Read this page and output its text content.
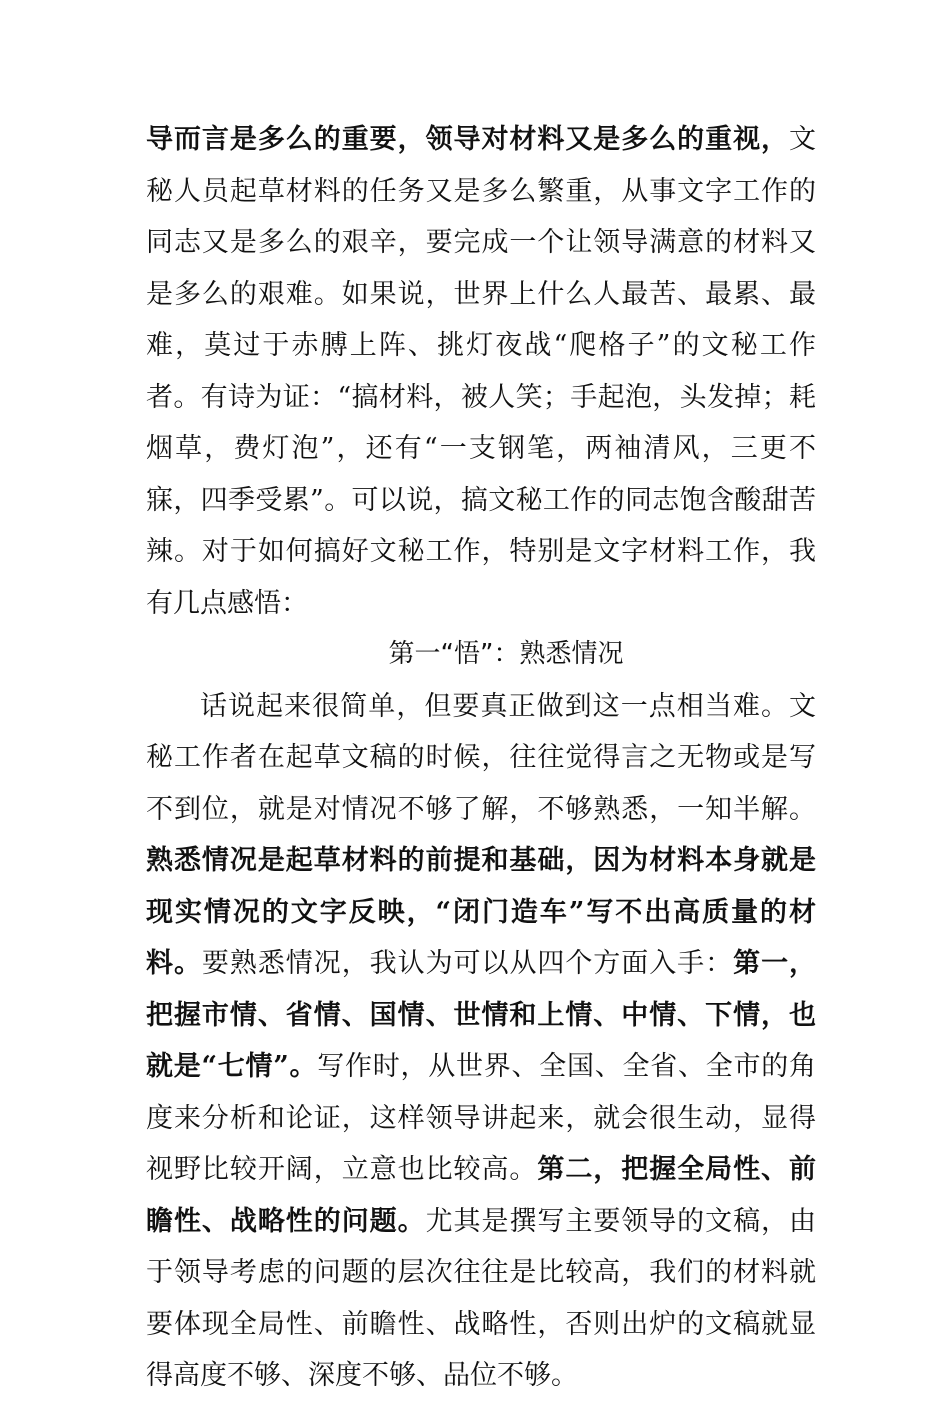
导而言是多么的重要，领导对材料又是多么的重视，文秘人员起草材料的任务又是多么繁重，从事文字工作的同志又是多么的艰辛，要完成一个让领导满意的材料又是多么的艰难。如果说，世界上什么人最苦、最累、最难，莫过于赤膊上阵、挑灯夜战“爬格子”的文秘工作者。有诗为证：“搞材料，被人笑；手起泡，头发掉；耗烟草，费灯泡”，还有“一支钢笔，两袖清风，三更不寐，四季受累”。可以说，搞文秘工作的同志饱含酸甜苦辣。对于如何搞好文秘工作，特别是文字材料工作，我有几点感悟：

第一“悟”：熟悉情况

话说起来很简单，但要真正做到这一点相当难。文秘工作者在起草文稿的时候，往往觉得言之无物或是写不到位，就是对情况不够了解，不够熟悉，一知半解。熟悉情况是起草材料的前提和基础，因为材料本身就是现实情况的文字反映，“闭门造车”写不出高质量的材料。要熟悉情况，我认为可以从四个方面入手：第一，把握市情、省情、国情、世情和上情、中情、下情，也就是“七情”。写作时，从世界、全国、全省、全市的角度来分析和论证，这样领导讲起来，就会很生动，显得视野比较开阔，立意也比较高。第二，把握全局性、前瞻性、战略性的问题。尤其是撰写主要领导的文稿，由于领导考虑的问题的层次往往是比较高，我们的材料就要体现全局性、前瞻性、战略性，否则出炉的文稿就显得高度不够、深度不够、品位不够。
